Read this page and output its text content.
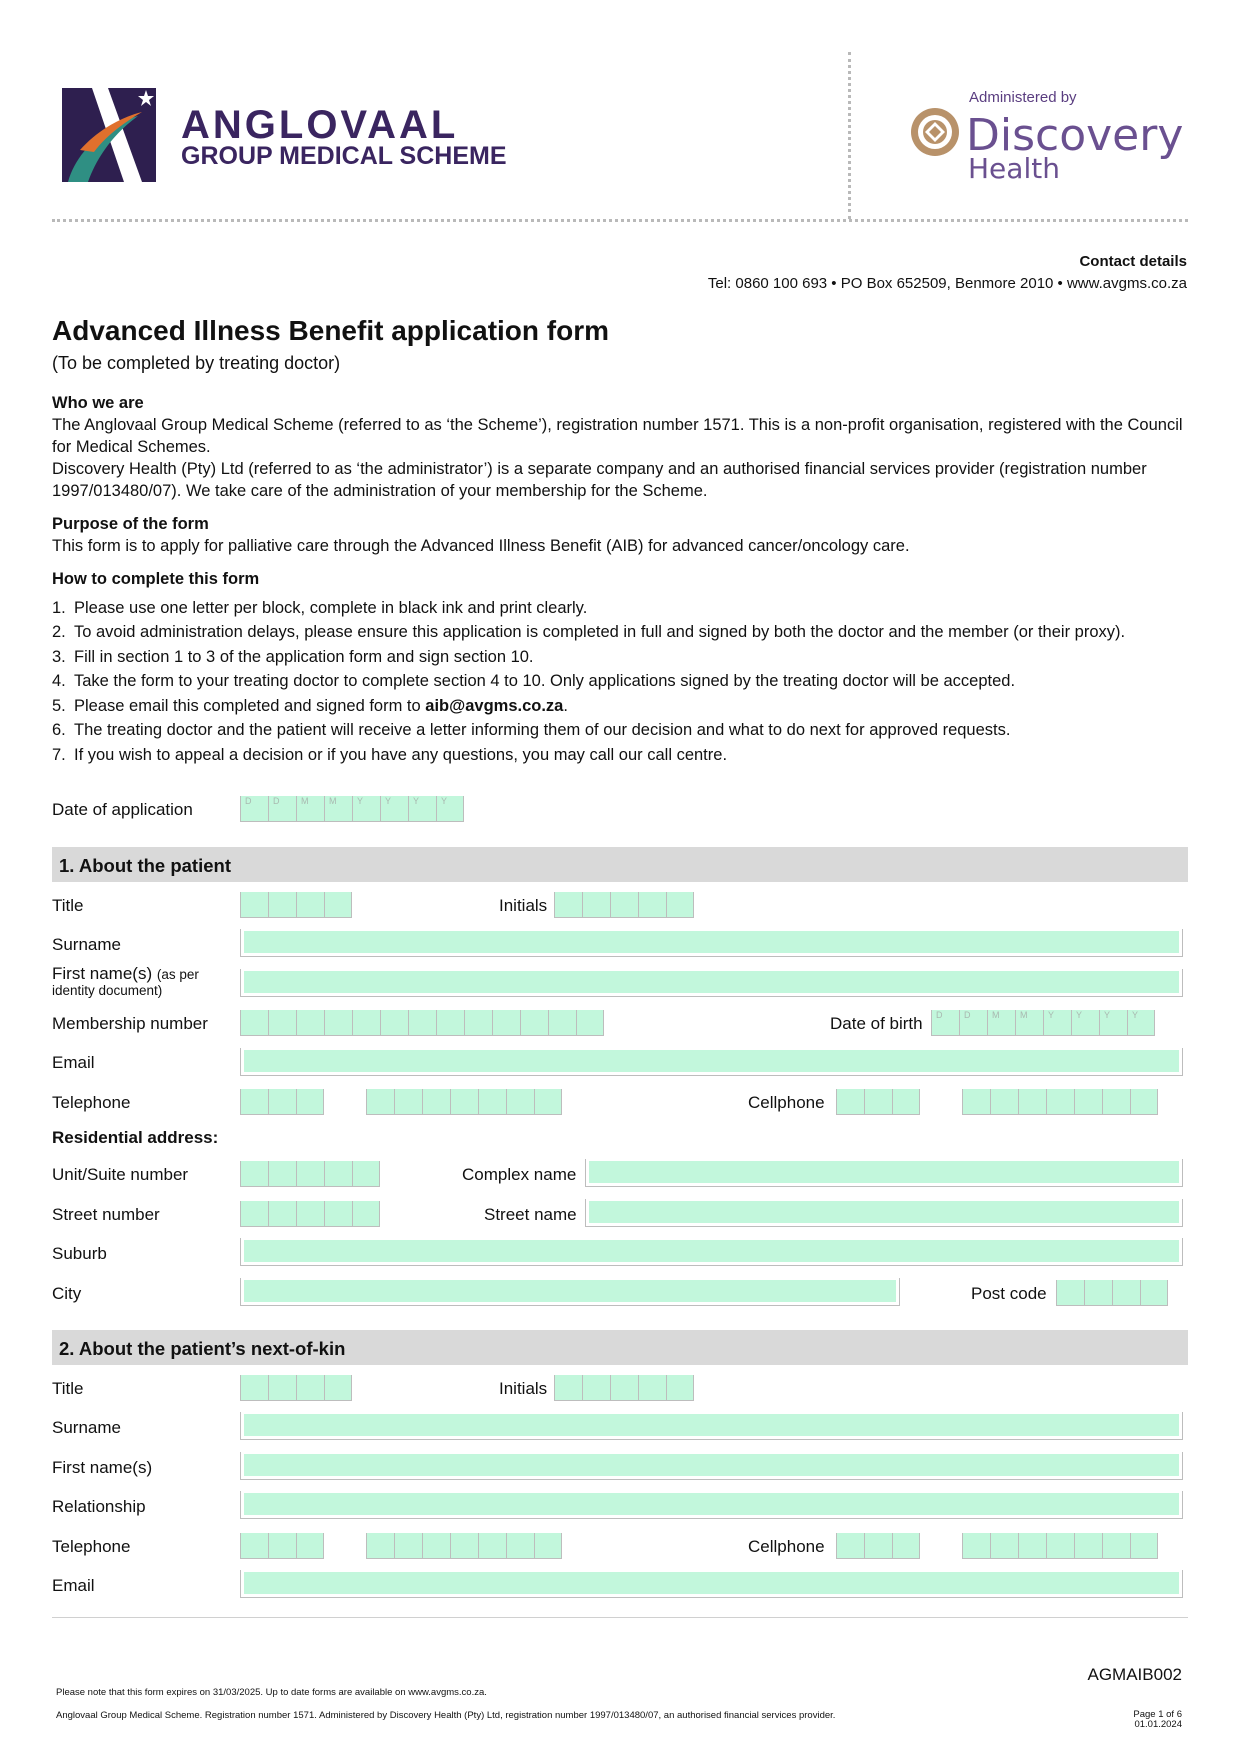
ANGLOVAAL
GROUP MEDICAL SCHEME
Administered by
Discovery
Health
Contact details
Tel: 0860 100 693 • PO Box 652509, Benmore 2010 • www.avgms.co.za
Advanced Illness Benefit application form
(To be completed by treating doctor)
Who we are
The Anglovaal Group Medical Scheme (referred to as ‘the Scheme’), registration number 1571. This is a non-profit organisation, registered with the Council for Medical Schemes.
Discovery Health (Pty) Ltd (referred to as ‘the administrator’) is a separate company and an authorised financial services provider (registration number 1997/013480/07). We take care of the administration of your membership for the Scheme.
Purpose of the form
This form is to apply for palliative care through the Advanced Illness Benefit (AIB) for advanced cancer/oncology care.
How to complete this form
1. Please use one letter per block, complete in black ink and print clearly.
2. To avoid administration delays, please ensure this application is completed in full and signed by both the doctor and the member (or their proxy).
3. Fill in section 1 to 3 of the application form and sign section 10.
4. Take the form to your treating doctor to complete section 4 to 10. Only applications signed by the treating doctor will be accepted.
5. Please email this completed and signed form to aib@avgms.co.za.
6. The treating doctor and the patient will receive a letter informing them of our decision and what to do next for approved requests.
7. If you wish to appeal a decision or if you have any questions, you may call our call centre.
Date of application	D D M M Y Y Y Y
1. About the patient
Title	Initials
Surname
First name(s) (as per
identity document)
Membership number	Date of birth D D M M Y Y Y Y
Email
Telephone	Cellphone
Residential address:
Unit/Suite number	Complex name
Street number	Street name
Suburb
City	Post code
2. About the patient’s next-of-kin
Title	Initials
Surname
First name(s)
Relationship
Telephone	Cellphone
Email
AGMAIB002
Please note that this form expires on 31/03/2025. Up to date forms are available on www.avgms.co.za.
Anglovaal Group Medical Scheme. Registration number 1571. Administered by Discovery Health (Pty) Ltd, registration number 1997/013480/07, an authorised financial services provider.	Page 1 of 6
01.01.2024
